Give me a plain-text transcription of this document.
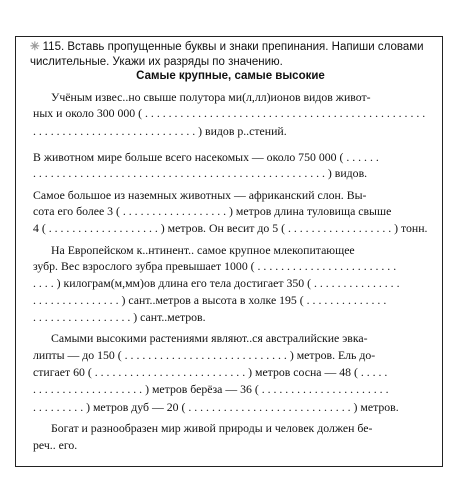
✳ 115. Вставь пропущенные буквы и знаки препинания. Напиши словами
числительные. Укажи их разряды по значению.
Самые крупные, самые высокие
Учёным извес..но свыше полутора ми(л,лл)ионов видов живот-
ных и около 300 000 ( . . . . . . . . . . . . . . . . . . . . . . . . . . . . . . . . . . . . . . . . . . . . . . . .
. . . . . . . . . . . . . . . . . . . . . . . . . . . . ) видов р..стений.
В животном мире больше всего насекомых — около 750 000 ( . . . . . .
. . . . . . . . . . . . . . . . . . . . . . . . . . . . . . . . . . . . . . . . . . . . . . . . . . ) видов.
Самое большое из наземных животных — африканский слон. Вы-
сота его более 3 ( . . . . . . . . . . . . . . . . . . ) метров длина туловища свыше
4 ( . . . . . . . . . . . . . . . . . . . ) метров. Он весит до 5 ( . . . . . . . . . . . . . . . . . . ) тонн.
На Европейском к..нтинент.. самое крупное млекопитающее
зубр. Вес взрослого зубра превышает 1000 ( . . . . . . . . . . . . . . . . . . . . . . . .
. . . . ) килограм(м,мм)ов длина его тела достигает 350 ( . . . . . . . . . . . . . . .
. . . . . . . . . . . . . . . ) сант..метров а высота в холке 195 ( . . . . . . . . . . . . . .
. . . . . . . . . . . . . . . . . ) сант..метров.
Самыми высокими растениями являют..ся австралийские эвка-
липты — до 150 ( . . . . . . . . . . . . . . . . . . . . . . . . . . . . ) метров. Ель до-
стигает 60 ( . . . . . . . . . . . . . . . . . . . . . . . . . . ) метров сосна — 48 ( . . . . .
. . . . . . . . . . . . . . . . . . . ) метров берёза — 36 ( . . . . . . . . . . . . . . . . . . . . . .
. . . . . . . . . ) метров дуб — 20 ( . . . . . . . . . . . . . . . . . . . . . . . . . . . . ) метров.
Богат и разнообразен мир живой природы и человек должен бе-
реч.. его.
